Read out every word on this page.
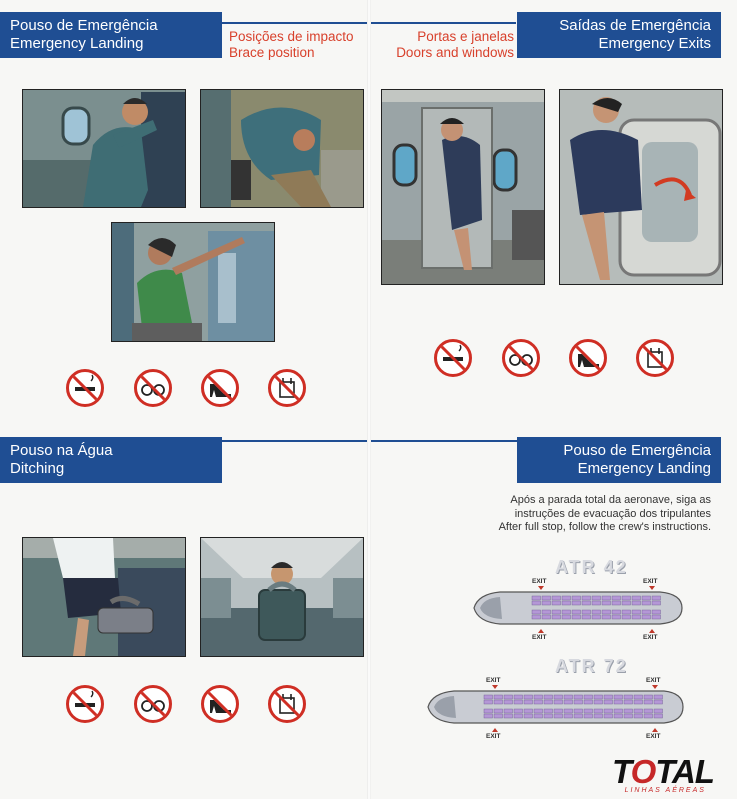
Pouso de Emergência
Emergency Landing	Posições de impacto
Brace position
Portas e janelas
Doors and windows
Saídas de Emergência
Emergency Exits
Pouso na Água
Ditching
Pouso de Emergência
Emergency Landing
Após a parada total da aeronave, siga as
instruções de evacuação dos tripulantes
After full stop, follow the crew's instructions.
ATR 42
EXIT	EXIT
EXIT	EXIT
ATR 72
EXIT	EXIT
EXIT	EXIT
TOTAL
LINHAS AÉREAS
